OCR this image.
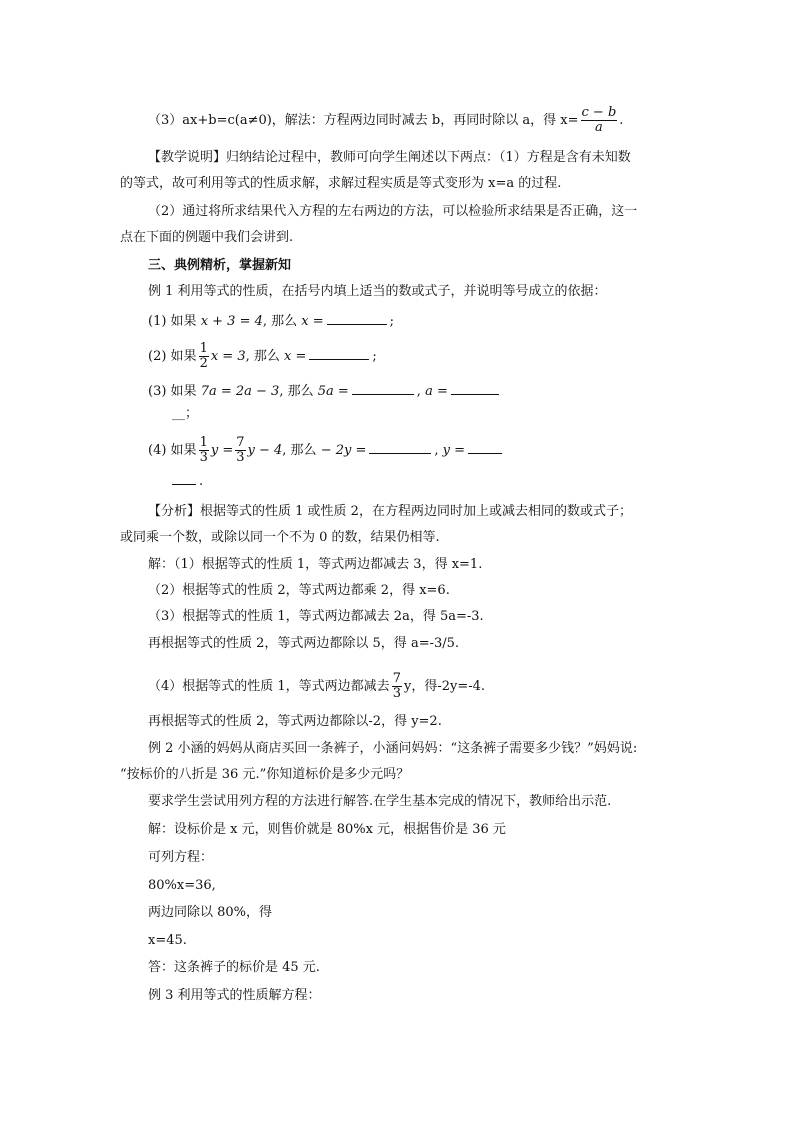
（3）ax+b=c(a≠0)，解法：方程两边同时减去 b，再同时除以 a，得 $x= \frac{c - b}{a}$ .
【教学说明】归纳结论过程中，教师可向学生阐述以下两点：（1）方程是含有未知数
的等式，故可利用等式的性质求解，求解过程实质是等式变形为 x=a 的过程.
（2）通过将所求结果代入方程的左右两边的方法，可以检验所求结果是否正确，这一
点在下面的例题中我们会讲到.
三、典例精析，掌握新知
例 1 利用等式的性质，在括号内填上适当的数或式子，并说明等号成立的依据：
(1) 如果 x + 3 = 4, 那么 x =	;
(2) 如果 $\frac{1}{2}$ x = 3, 那么 x =	;
(3) 如果 7a = 2a − 3, 那么 5a =	, a =
__；
(4) 如果 $\frac{1}{3}$ $y = \frac{7}{3}$ y − 4, 那么 − 2y =	, y =
.
【分析】根据等式的性质 1 或性质 2，在方程两边同时加上或减去相同的数或式子；
或同乘一个数，或除以同一个不为 0 的数，结果仍相等.
解：（1）根据等式的性质 1，等式两边都减去 3，得 x=1.
（2）根据等式的性质 2，等式两边都乘 2，得 x=6.
（3）根据等式的性质 1，等式两边都减去 2a，得 5a=-3.
再根据等式的性质 2，等式两边都除以 5，得 a=-3/5.
（4）根据等式的性质 1，等式两边都减去 $\frac{7}{3}$ y，得-2y=-4.
再根据等式的性质 2，等式两边都除以-2，得 y=2.
例 2 小涵的妈妈从商店买回一条裤子，小涵问妈妈：“这条裤子需要多少钱？”妈妈说:
“按标价的八折是 36 元.”你知道标价是多少元吗？
要求学生尝试用列方程的方法进行解答.在学生基本完成的情况下，教师给出示范.
解：设标价是 x 元，则售价就是 80%x 元，根据售价是 36 元
可列方程：
80%x=36,
两边同除以 80%，得
x=45.
答：这条裤子的标价是 45 元.
例 3 利用等式的性质解方程：
